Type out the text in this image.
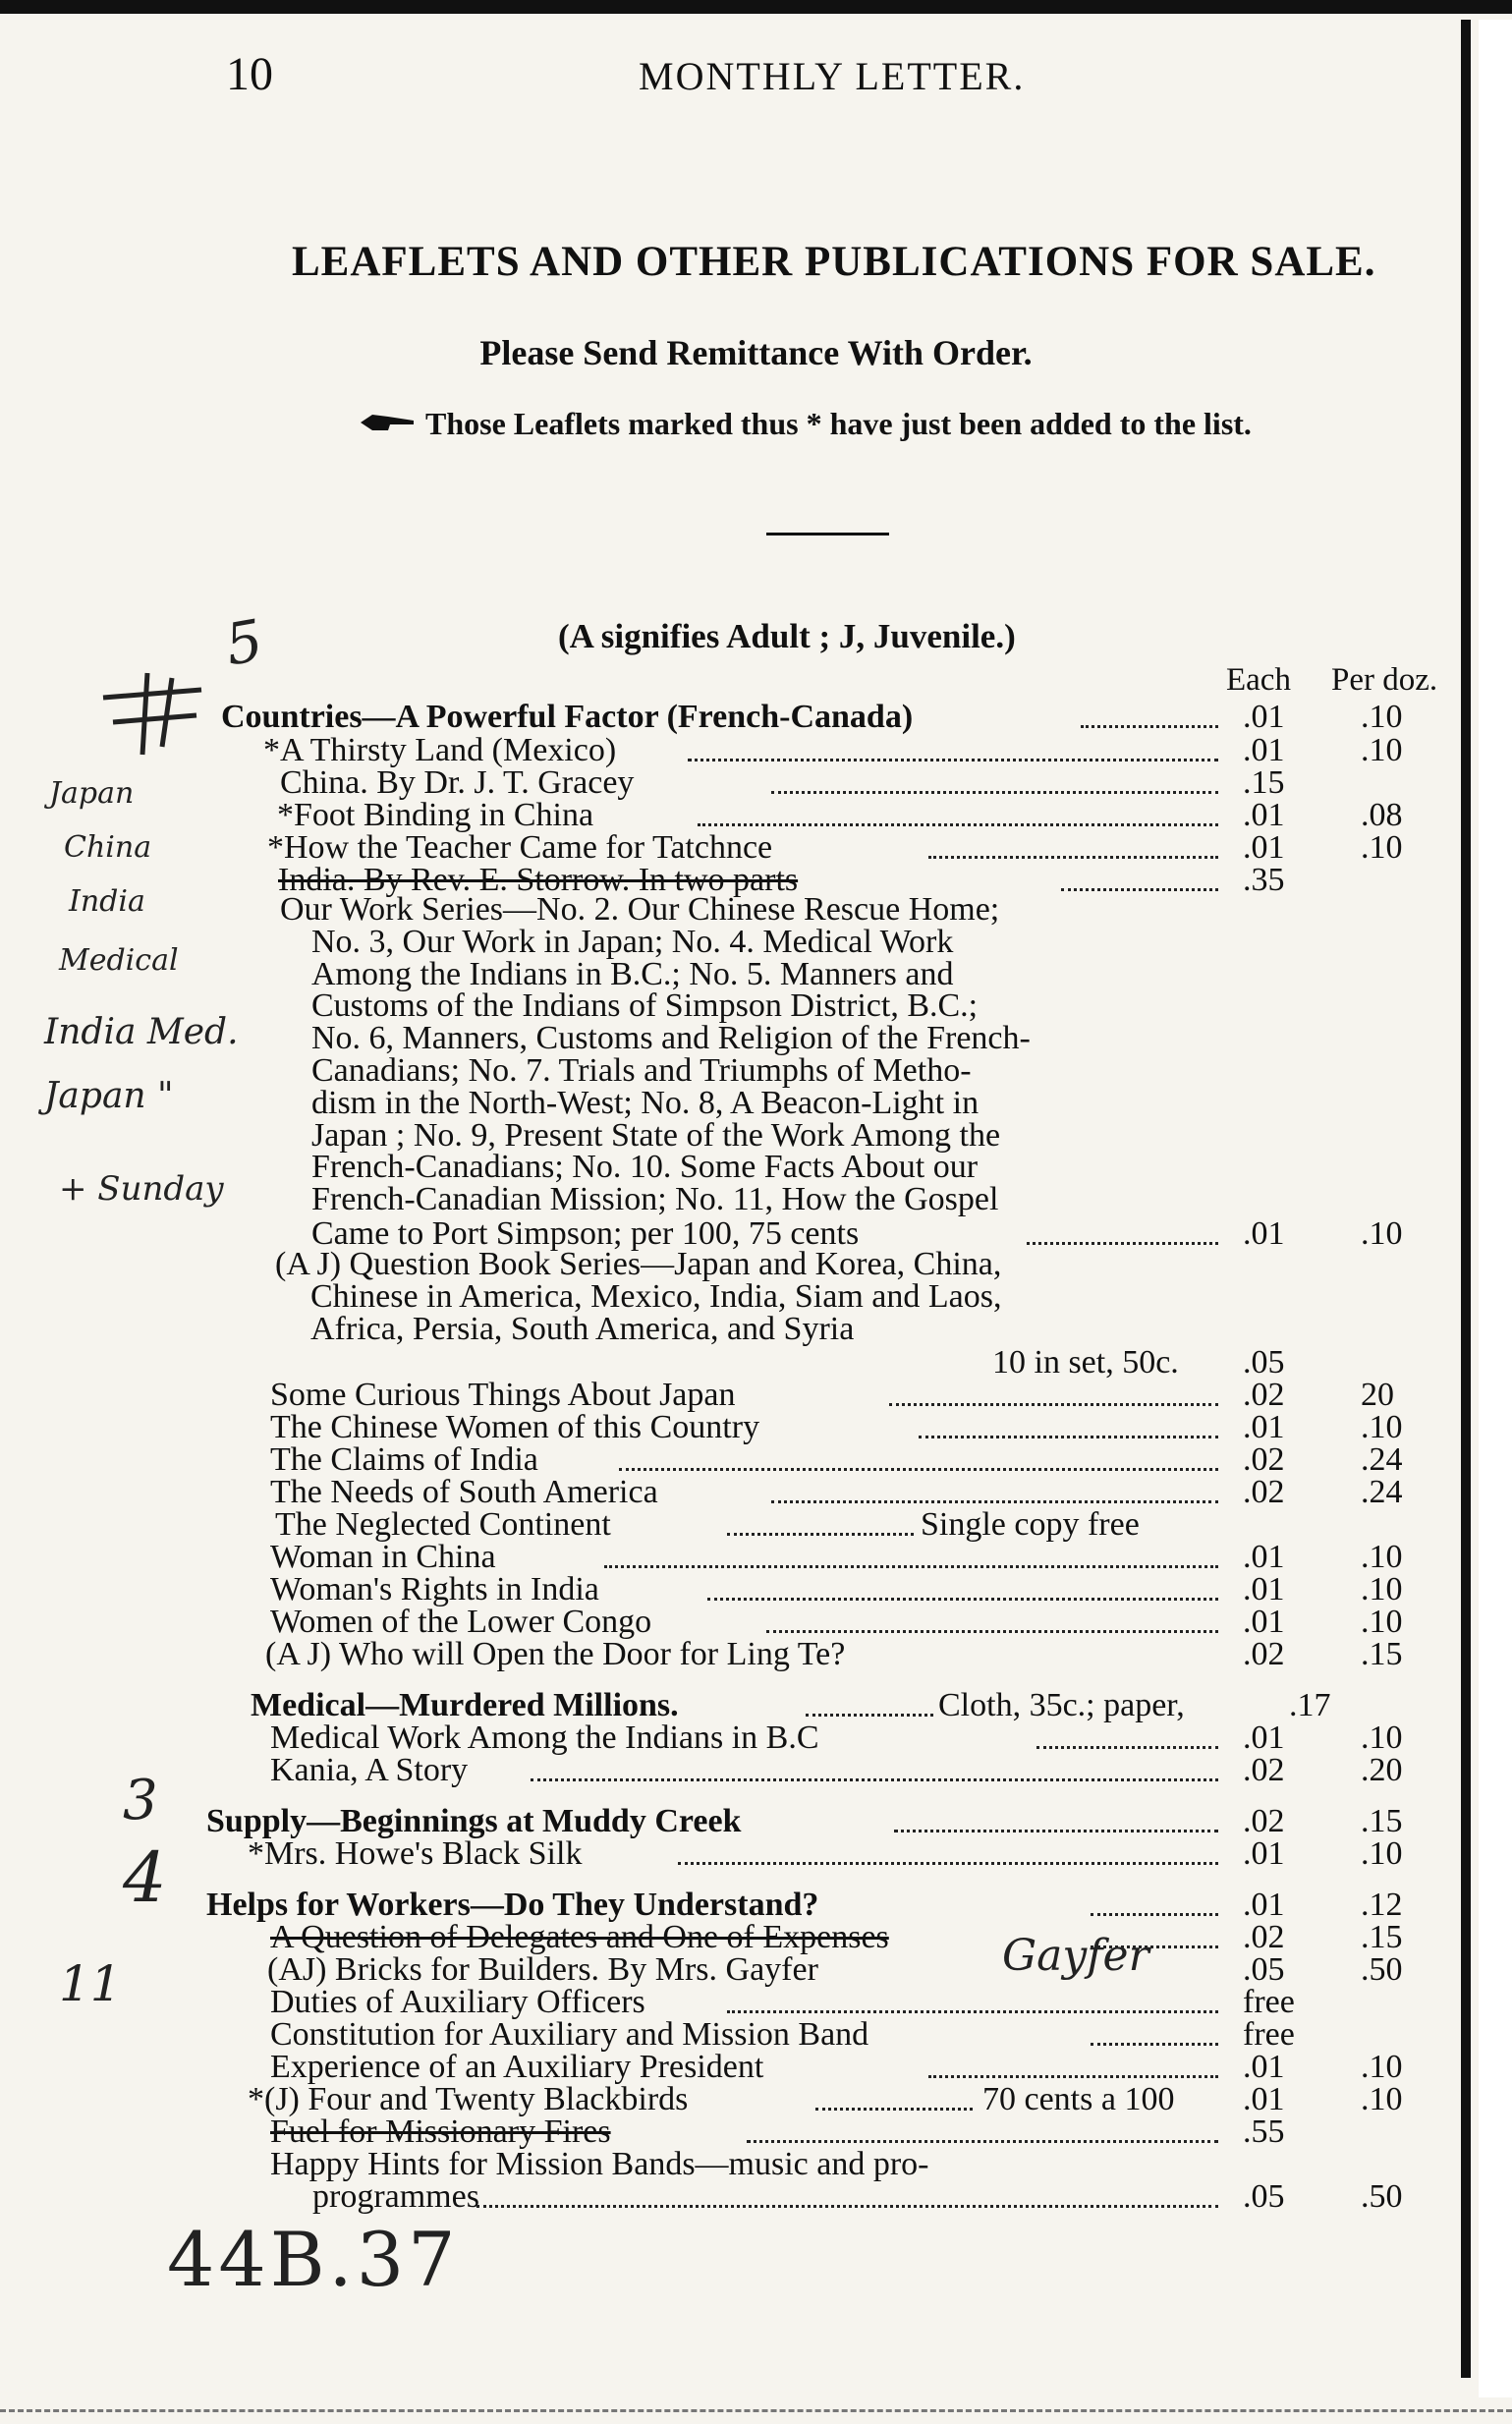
10	MONTHLY LETTER.
LEAFLETS AND OTHER PUBLICATIONS FOR SALE.
Please Send Remittance With Order.
Those Leaflets marked thus * have just been added to the list.
(A signifies Adult ; J, Juvenile.)
Each Per doz.
Countries—A Powerful Factor (French-Canada)	.01 .10
*A Thirsty Land (Mexico)	.01 .10
China. By Dr. J. T. Gracey	.15
*Foot Binding in China	.01 .08
*How the Teacher Came for Tatchnce	.01 .10
India. By Rev. E. Storrow. In two parts	.35
Our Work Series—No. 2. Our Chinese Rescue Home;
No. 3, Our Work in Japan; No. 4. Medical Work
Among the Indians in B.C.; No. 5. Manners and
Customs of the Indians of Simpson District, B.C.;
No. 6, Manners, Customs and Religion of the French-
Canadians; No. 7. Trials and Triumphs of Metho-
dism in the North-West; No. 8, A Beacon-Light in
Japan ; No. 9, Present State of the Work Among the
French-Canadians; No. 10. Some Facts About our
French-Canadian Mission; No. 11, How the Gospel
Came to Port Simpson; per 100, 75 cents	.01 .10
(A J) Question Book Series—Japan and Korea, China,
Chinese in America, Mexico, India, Siam and Laos,
Africa, Persia, South America, and Syria
10 in set, 50c. .05
Some Curious Things About Japan	.02 20
The Chinese Women of this Country	.01 .10
The Claims of India	.02 .24
The Needs of South America	.02 .24
The Neglected Continent	Single copy free
Woman in China	.01 .10
Woman's Rights in India	.01 .10
Women of the Lower Congo	.01 .10
(A J) Who will Open the Door for Ling Te?	.02 .15
Medical—Murdered Millions.	Cloth, 35c.; paper,	.17
Medical Work Among the Indians in B.C	.01 .10
Kania, A Story	.02 .20
Supply—Beginnings at Muddy Creek	.02 .15
*Mrs. Howe's Black Silk	.01 .10
Helps for Workers—Do They Understand?	.01 .12
A Question of Delegates and One of Expenses	.02 .15
(AJ) Bricks for Builders. By Mrs. Gayfer	.05 .50
Duties of Auxiliary Officers	free
Constitution for Auxiliary and Mission Band	free
Experience of an Auxiliary President	.01 .10
*(J) Four and Twenty Blackbirds	70 cents a 100 .01 .10
Fuel for Missionary Fires	.55
Happy Hints for Mission Bands—music and pro-
programmes	.05 .50
5
Japan
China
India
Medical
India Med.
Japan "
+ Sunday
3
4
11	Gayfer
44B.37
